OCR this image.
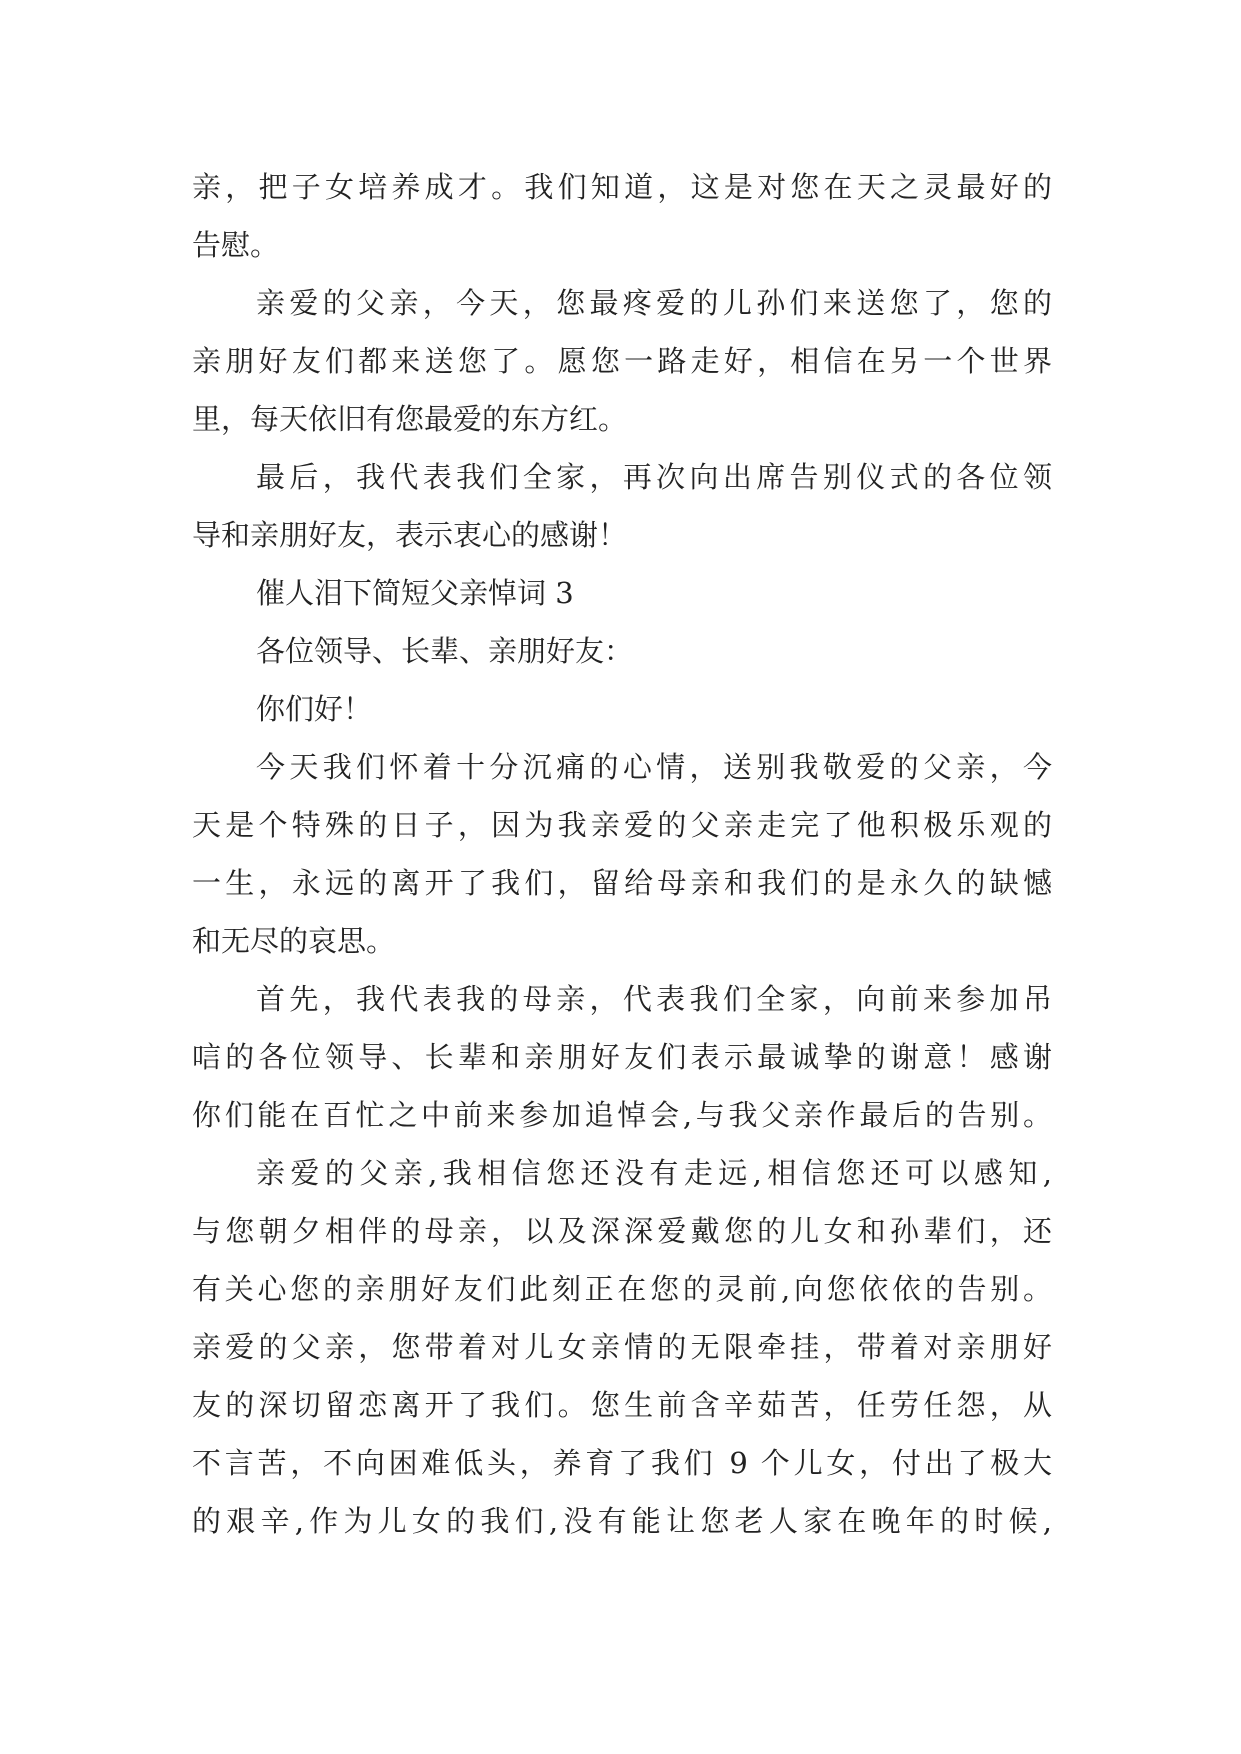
亲，把子女培养成才。我们知道，这是对您在天之灵最好的
告慰。
亲爱的父亲，今天，您最疼爱的儿孙们来送您了，您的
亲朋好友们都来送您了。愿您一路走好，相信在另一个世界
里，每天依旧有您最爱的东方红。
最后，我代表我们全家，再次向出席告别仪式的各位领
导和亲朋好友，表示衷心的感谢！
催人泪下简短父亲悼词 3
各位领导、长辈、亲朋好友：
你们好！
今天我们怀着十分沉痛的心情，送别我敬爱的父亲，今
天是个特殊的日子，因为我亲爱的父亲走完了他积极乐观的
一生，永远的离开了我们，留给母亲和我们的是永久的缺憾
和无尽的哀思。
首先，我代表我的母亲，代表我们全家，向前来参加吊
唁的各位领导、长辈和亲朋好友们表示最诚挚的谢意！感谢
你们能在百忙之中前来参加追悼会,与我父亲作最后的告别。
亲爱的父亲,我相信您还没有走远,相信您还可以感知,
与您朝夕相伴的母亲，以及深深爱戴您的儿女和孙辈们，还
有关心您的亲朋好友们此刻正在您的灵前,向您依依的告别。
亲爱的父亲，您带着对儿女亲情的无限牵挂，带着对亲朋好
友的深切留恋离开了我们。您生前含辛茹苦，任劳任怨，从
不言苦，不向困难低头，养育了我们 9 个儿女，付出了极大
的艰辛,作为儿女的我们,没有能让您老人家在晚年的时候,
